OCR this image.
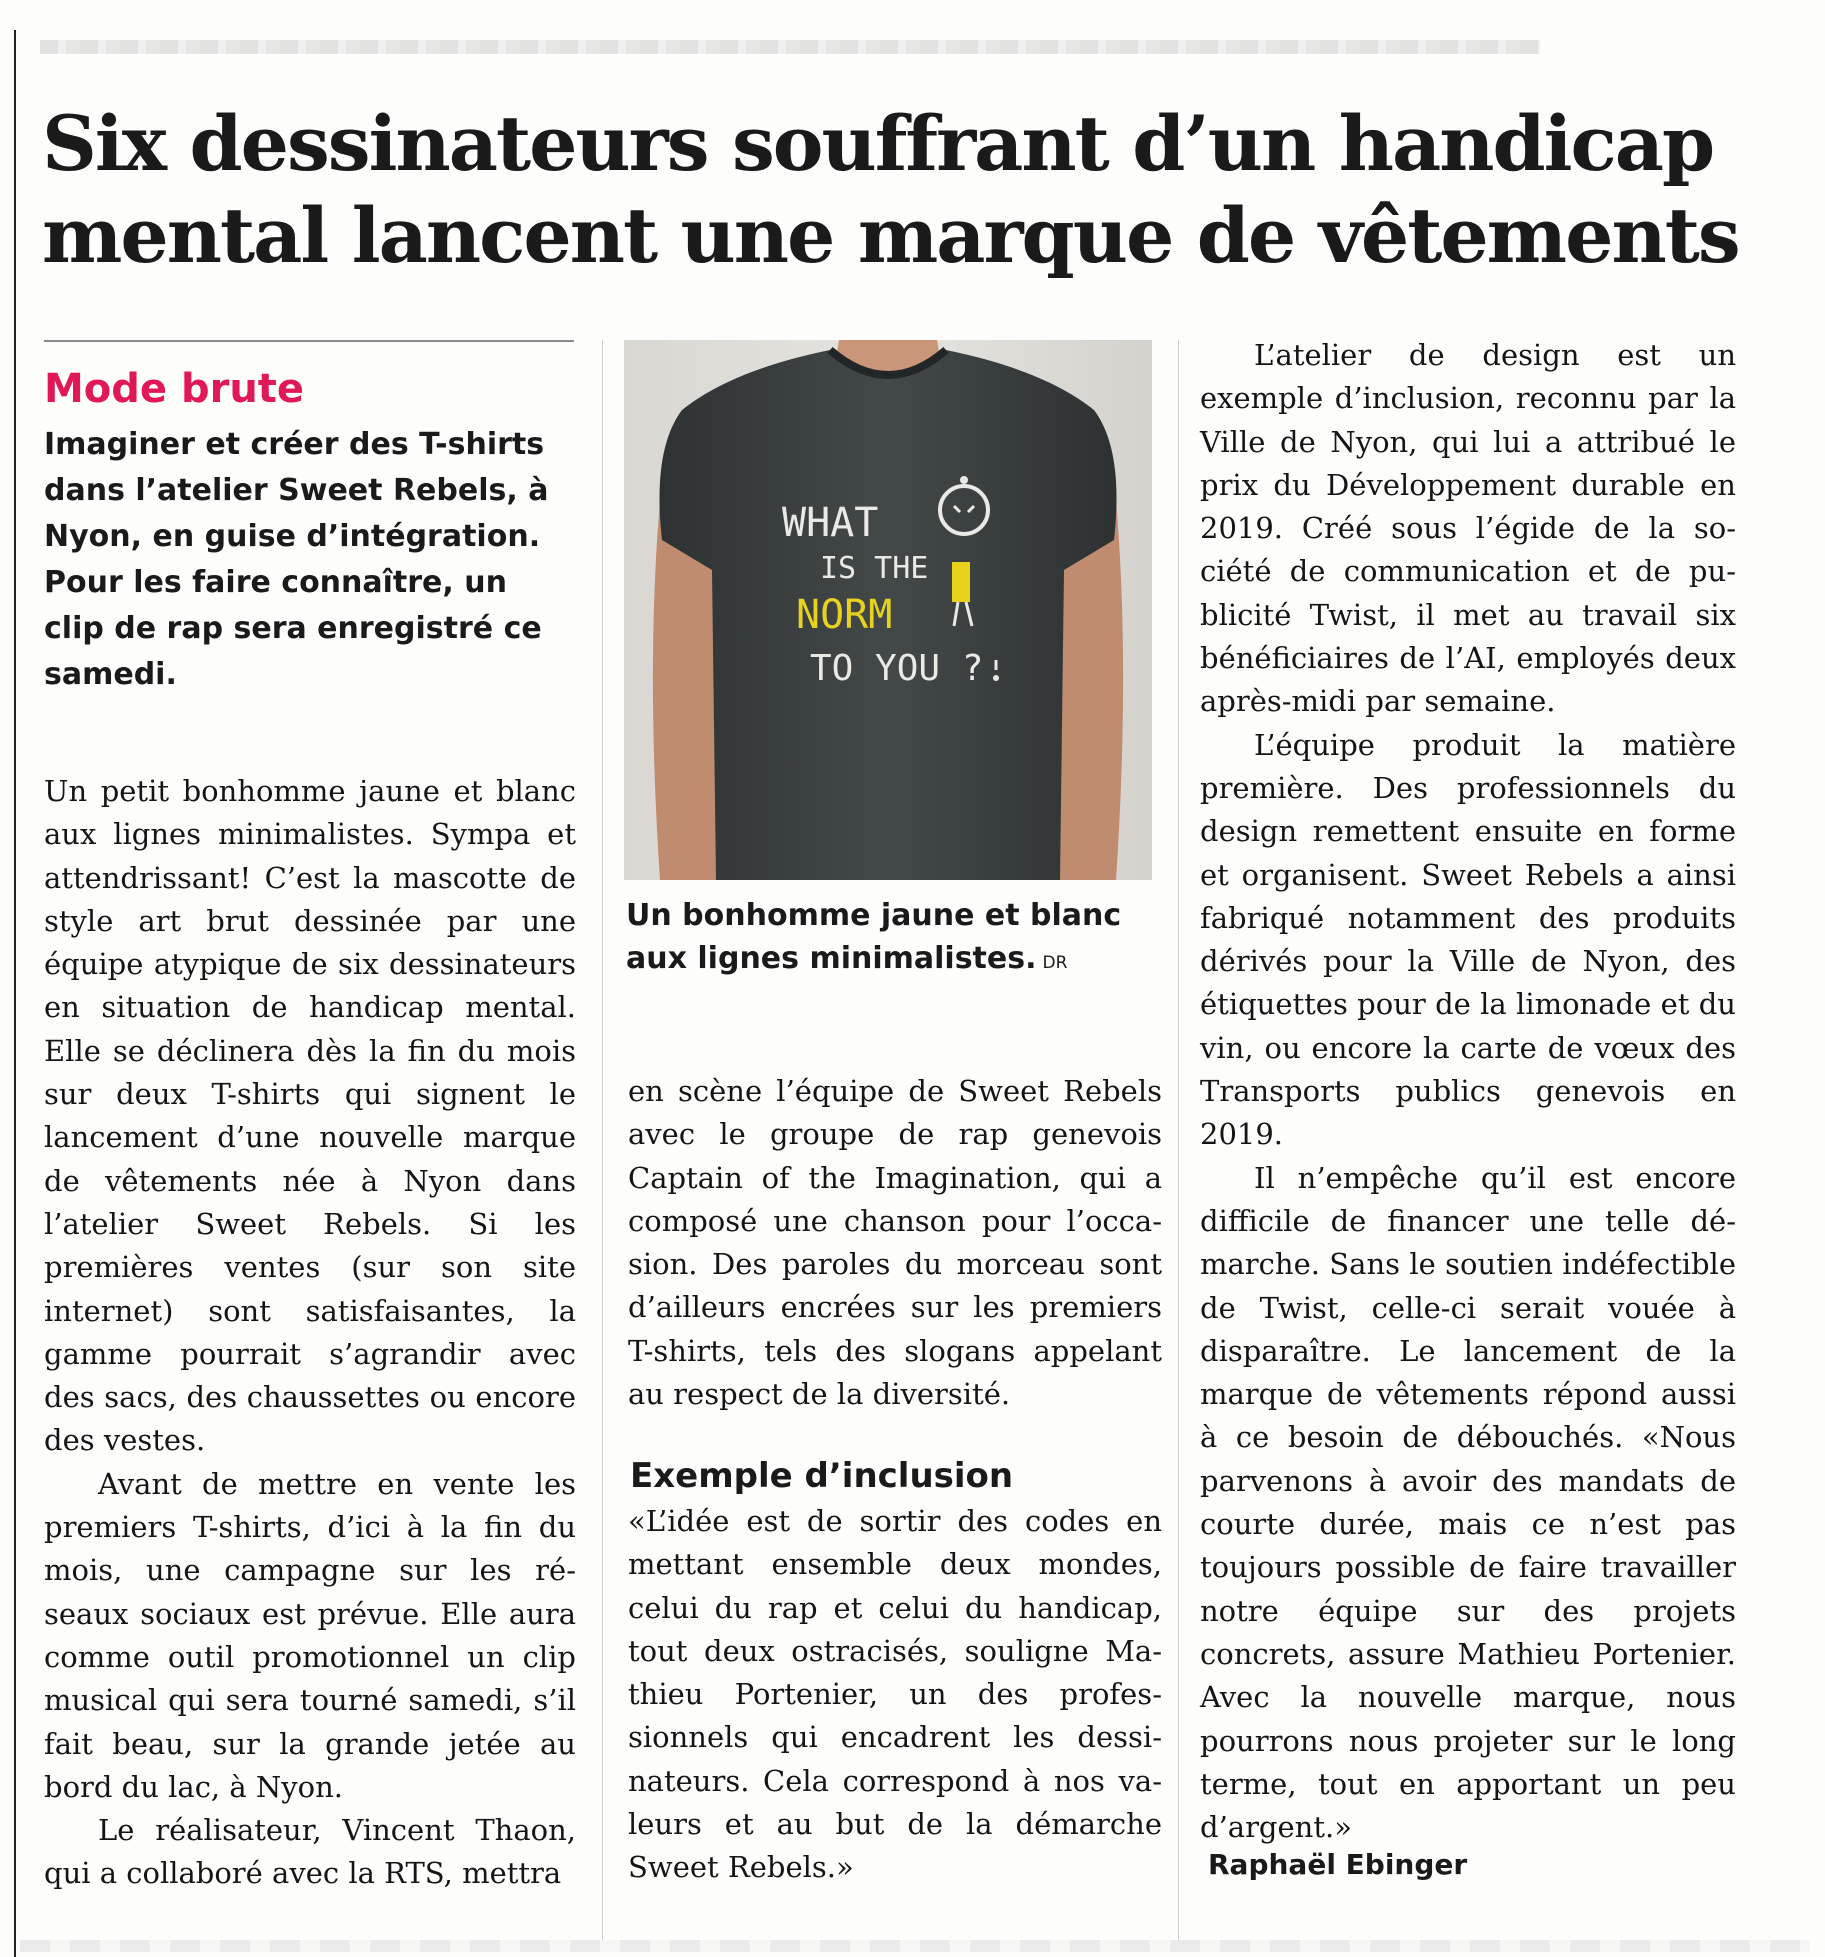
Six dessinateurs souffrant d’un handicap
mental lancent une marque de vêtements

Mode brute

Imaginer et créer des T-shirts dans l’atelier Sweet Rebels, à Nyon, en guise d’intégration. Pour les faire connaître, un clip de rap sera enregistré ce samedi.

Un petit bonhomme jaune et blanc aux lignes minimalistes. Sympa et attendrissant! C’est la mascotte de style art brut dessinée par une équipe atypique de six dessinateurs en situation de handicap mental. Elle se déclinera dès la fin du mois sur deux T-shirts qui signent le lancement d’une nouvelle marque de vêtements née à Nyon dans l’atelier Sweet Rebels. Si les premières ventes (sur son site internet) sont satisfaisantes, la gamme pourrait s’agrandir avec des sacs, des chaussettes ou encore des vestes.

Avant de mettre en vente les premiers T-shirts, d’ici à la fin du mois, une campagne sur les réseaux sociaux est prévue. Elle aura comme outil promotionnel un clip musical qui sera tourné samedi, s’il fait beau, sur la grande jetée au bord du lac, à Nyon.

Le réalisateur, Vincent Thaon, qui a collaboré avec la RTS, mettra

WHAT
IS THE
NORM
TO YOU ?

Un bonhomme jaune et blanc aux lignes minimalistes. DR

en scène l’équipe de Sweet Rebels avec le groupe de rap genevois Captain of the Imagination, qui a composé une chanson pour l’occasion. Des paroles du morceau sont d’ailleurs encrées sur les premiers T-shirts, tels des slogans appelant au respect de la diversité.

Exemple d’inclusion

«L’idée est de sortir des codes en mettant ensemble deux mondes, celui du rap et celui du handicap, tout deux ostracisés, souligne Mathieu Portenier, un des professionnels qui encadrent les dessinateurs. Cela correspond à nos valeurs et au but de la démarche Sweet Rebels.»

L’atelier de design est un exemple d’inclusion, reconnu par la Ville de Nyon, qui lui a attribué le prix du Développement durable en 2019. Créé sous l’égide de la société de communication et de publicité Twist, il met au travail six bénéficiaires de l’AI, employés deux après-midi par semaine.

L’équipe produit la matière première. Des professionnels du design remettent ensuite en forme et organisent. Sweet Rebels a ainsi fabriqué notamment des produits dérivés pour la Ville de Nyon, des étiquettes pour de la limonade et du vin, ou encore la carte de vœux des Transports publics genevois en 2019.

Il n’empêche qu’il est encore difficile de financer une telle démarche. Sans le soutien indéfectible de Twist, celle-ci serait vouée à disparaître. Le lancement de la marque de vêtements répond aussi à ce besoin de débouchés. «Nous parvenons à avoir des mandats de courte durée, mais ce n’est pas toujours possible de faire travailler notre équipe sur des projets concrets, assure Mathieu Portenier. Avec la nouvelle marque, nous pourrons nous projeter sur le long terme, tout en apportant un peu d’argent.»

Raphaël Ebinger
